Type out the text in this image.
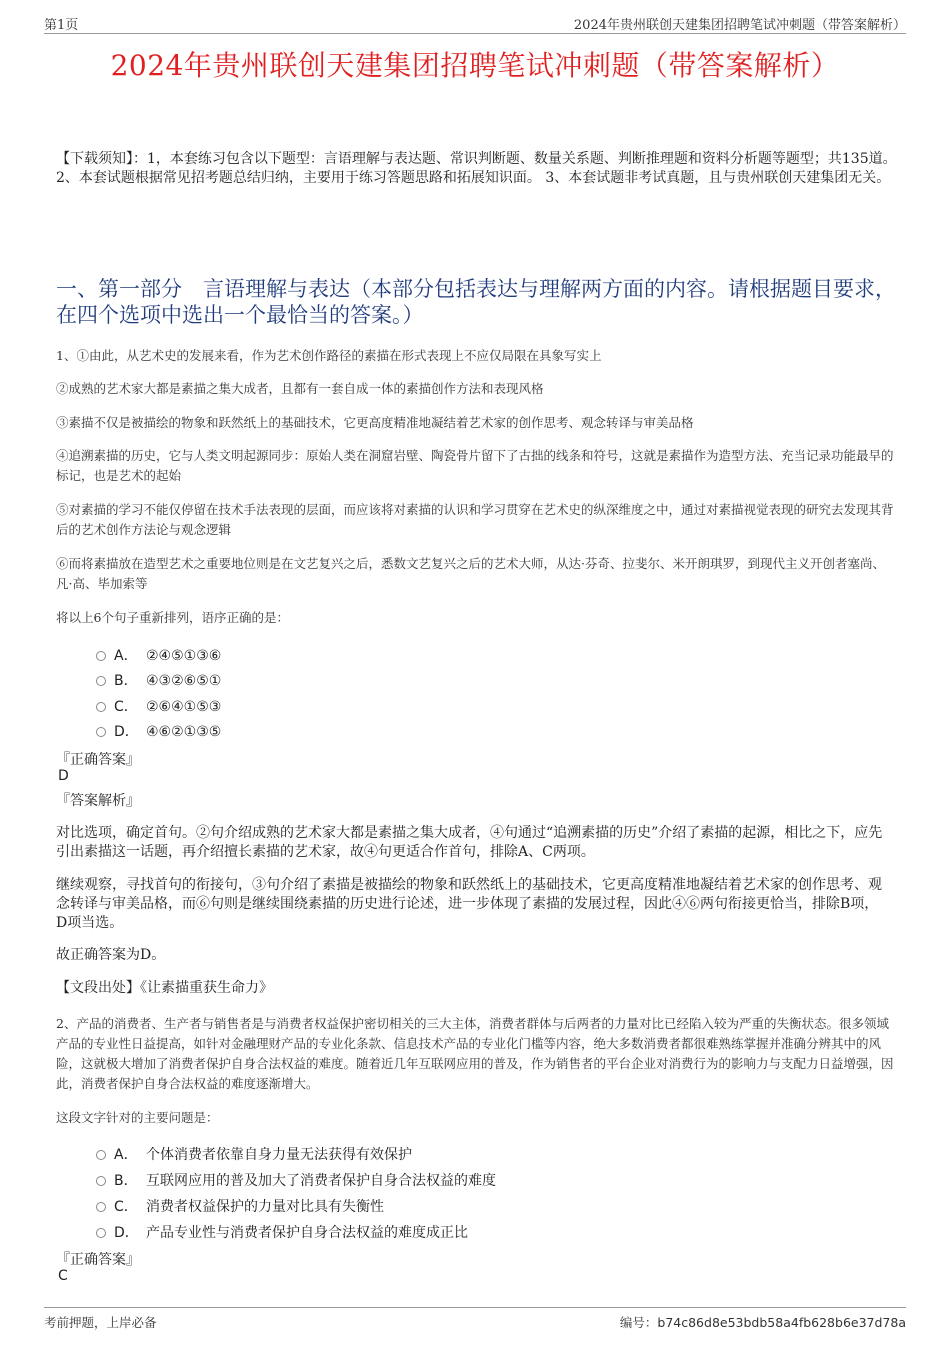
第1页	2024年贵州联创天建集团招聘笔试冲刺题（带答案解析）
2024年贵州联创天建集团招聘笔试冲刺题（带答案解析）
【下载须知】：1，本套练习包含以下题型：言语理解与表达题、常识判断题、数量关系题、判断推理题和资料分析题等题型；共135道。 2、本套试题根据常见招考题总结归纳，主要用于练习答题思路和拓展知识面。 3、本套试题非考试真题，且与贵州联创天建集团无关。
一、第一部分　言语理解与表达（本部分包括表达与理解两方面的内容。请根据题目要求，在四个选项中选出一个最恰当的答案。）
1、①由此，从艺术史的发展来看，作为艺术创作路径的素描在形式表现上不应仅局限在具象写实上
②成熟的艺术家大都是素描之集大成者，且都有一套自成一体的素描创作方法和表现风格
③素描不仅是被描绘的物象和跃然纸上的基础技术，它更高度精准地凝结着艺术家的创作思考、观念转译与审美品格
④追溯素描的历史，它与人类文明起源同步：原始人类在洞窟岩壁、陶瓷骨片留下了古拙的线条和符号，这就是素描作为造型方法、充当记录功能最早的标记，也是艺术的起始
⑤对素描的学习不能仅停留在技术手法表现的层面，而应该将对素描的认识和学习贯穿在艺术史的纵深维度之中，通过对素描视觉表现的研究去发现其背后的艺术创作方法论与观念逻辑
⑥而将素描放在造型艺术之重要地位则是在文艺复兴之后，悉数文艺复兴之后的艺术大师，从达·芬奇、拉斐尔、米开朗琪罗，到现代主义开创者塞尚、凡·高、毕加索等
将以上6个句子重新排列，语序正确的是：
A． ②④⑤①③⑥
B． ④③②⑥⑤①
C． ②⑥④①⑤③
D． ④⑥②①③⑤
『正确答案』
D
『答案解析』
对比选项，确定首句。②句介绍成熟的艺术家大都是素描之集大成者，④句通过“追溯素描的历史”介绍了素描的起源，相比之下，应先引出素描这一话题，再介绍擅长素描的艺术家，故④句更适合作首句，排除A、C两项。
继续观察，寻找首句的衔接句，③句介绍了素描是被描绘的物象和跃然纸上的基础技术，它更高度精准地凝结着艺术家的创作思考、观念转译与审美品格，而⑥句则是继续围绕素描的历史进行论述，进一步体现了素描的发展过程，因此④⑥两句衔接更恰当，排除B项，D项当选。
故正确答案为D。
【文段出处】《让素描重获生命力》
2、产品的消费者、生产者与销售者是与消费者权益保护密切相关的三大主体，消费者群体与后两者的力量对比已经陷入较为严重的失衡状态。很多领域产品的专业性日益提高，如针对金融理财产品的专业化条款、信息技术产品的专业化门槛等内容，绝大多数消费者都很难熟练掌握并准确分辨其中的风险，这就极大增加了消费者保护自身合法权益的难度。随着近几年互联网应用的普及，作为销售者的平台企业对消费行为的影响力与支配力日益增强，因此，消费者保护自身合法权益的难度逐渐增大。
这段文字针对的主要问题是：
A． 个体消费者依靠自身力量无法获得有效保护
B． 互联网应用的普及加大了消费者保护自身合法权益的难度
C． 消费者权益保护的力量对比具有失衡性
D． 产品专业性与消费者保护自身合法权益的难度成正比
『正确答案』
C
考前押题，上岸必备	编号：b74c86d8e53bdb58a4fb628b6e37d78a
